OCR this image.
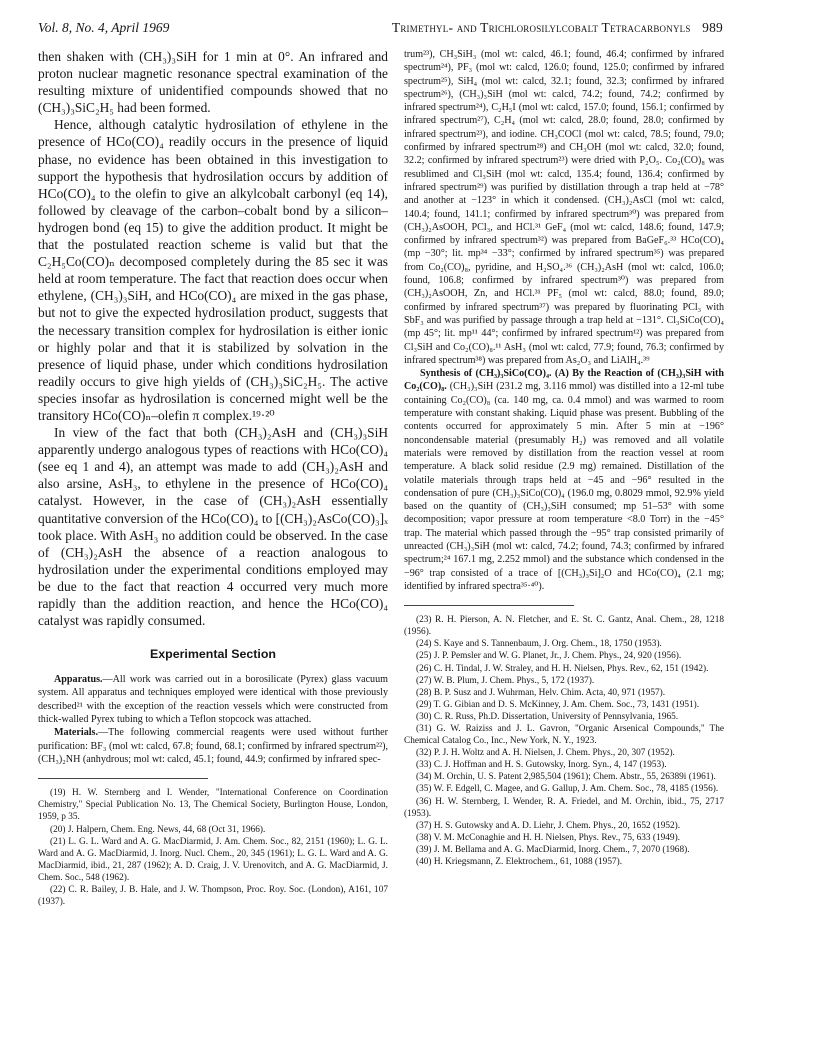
Vol. 8, No. 4, April 1969	Trimethyl- and Trichlorosilylcobalt Tetracarbonyls 989

then shaken with (CH₃)₃SiH for 1 min at 0°. An infrared and proton nuclear magnetic resonance spectral examination of the resulting mixture of unidentified compounds showed that no (CH₃)₃SiC₂H₅ had been formed.

Hence, although catalytic hydrosilation of ethylene in the presence of HCo(CO)₄ readily occurs in the presence of liquid phase, no evidence has been obtained in this investigation to support the hypothesis that hydrosilation occurs by addition of HCo(CO)₄ to the olefin to give an alkylcobalt carbonyl (eq 14), followed by cleavage of the carbon–cobalt bond by a silicon–hydrogen bond (eq 15) to give the addition product. It might be that the postulated reaction scheme is valid but that the C₂H₅Co(CO)ₙ decomposed completely during the 85 sec it was held at room temperature. The fact that reaction does occur when ethylene, (CH₃)₃SiH, and HCo(CO)₄ are mixed in the gas phase, but not to give the expected hydrosilation product, suggests that the necessary transition complex for hydrosilation is either ionic or highly polar and that it is stabilized by solvation in the presence of liquid phase, under which conditions hydrosilation readily occurs to give high yields of (CH₃)₃SiC₂H₅. The active species insofar as hydrosilation is concerned might well be the transitory HCo(CO)ₙ–olefin π complex.¹⁹·²⁰

In view of the fact that both (CH₃)₂AsH and (CH₃)₃SiH apparently undergo analogous types of reactions with HCo(CO)₄ (see eq 1 and 4), an attempt was made to add (CH₃)₂AsH and also arsine, AsH₃, to ethylene in the presence of HCo(CO)₄ catalyst. However, in the case of (CH₃)₂AsH essentially quantitative conversion of the HCo(CO)₄ to [(CH₃)₂AsCo(CO)₃]ₓ took place. With AsH₃ no addition could be observed. In the case of (CH₃)₂AsH the absence of a reaction analogous to hydrosilation under the experimental conditions employed may be due to the fact that reaction 4 occurred very much more rapidly than the addition reaction, and hence the HCo(CO)₄ catalyst was rapidly consumed.

Experimental Section

Apparatus.—All work was carried out in a borosilicate (Pyrex) glass vacuum system. All apparatus and techniques employed were identical with those previously described²¹ with the exception of the reaction vessels which were constructed from thick-walled Pyrex tubing to which a Teflon stopcock was attached.

Materials.—The following commercial reagents were used without further purification: BF₃ (mol wt: calcd, 67.8; found, 68.1; confirmed by infrared spectrum²²), (CH₃)₂NH (anhydrous; mol wt: calcd, 45.1; found, 44.9; confirmed by infrared spec-

(19) H. W. Sternberg and I. Wender, "International Conference on Coordination Chemistry," Special Publication No. 13, The Chemical Society, Burlington House, London, 1959, p 35.

(20) J. Halpern, Chem. Eng. News, 44, 68 (Oct 31, 1966).

(21) L. G. L. Ward and A. G. MacDiarmid, J. Am. Chem. Soc., 82, 2151 (1960); L. G. L. Ward and A. G. MacDiarmid, J. Inorg. Nucl. Chem., 20, 345 (1961); L. G. L. Ward and A. G. MacDiarmid, ibid., 21, 287 (1962); A. D. Craig, J. V. Urenovitch, and A. G. MacDiarmid, J. Chem. Soc., 548 (1962).

(22) C. R. Bailey, J. B. Hale, and J. W. Thompson, Proc. Roy. Soc. (London), A161, 107 (1937).

trum²³), CH₃SiH₃ (mol wt: calcd, 46.1; found, 46.4; confirmed by infrared spectrum²⁴), PF₃ (mol wt: calcd, 126.0; found, 125.0; confirmed by infrared spectrum²⁵), SiH₄ (mol wt: calcd, 32.1; found, 32.3; confirmed by infrared spectrum²⁶), (CH₃)₃SiH (mol wt: calcd, 74.2; found, 74.2; confirmed by infrared spectrum²⁴), C₂H₅I (mol wt: calcd, 157.0; found, 156.1; confirmed by infrared spectrum²⁷), C₂H₄ (mol wt: calcd, 28.0; found, 28.0; confirmed by infrared spectrum²³), and iodine. CH₃COCl (mol wt: calcd, 78.5; found, 79.0; confirmed by infrared spectrum²⁸) and CH₃OH (mol wt: calcd, 32.0; found, 32.2; confirmed by infrared spectrum²³) were dried with P₂O₅. Co₂(CO)₈ was resublimed and Cl₃SiH (mol wt: calcd, 135.4; found, 136.4; confirmed by infrared spectrum²⁹) was purified by distillation through a trap held at −78° and another at −123° in which it condensed. (CH₃)₂AsCl (mol wt: calcd, 140.4; found, 141.1; confirmed by infrared spectrum³⁰) was prepared from (CH₃)₂AsOOH, PCl₃, and HCl.³¹ GeF₄ (mol wt: calcd, 148.6; found, 147.9; confirmed by infrared spectrum³²) was prepared from BaGeF₆.³³ HCo(CO)₄ (mp −30°; lit. mp³⁴ −33°; confirmed by infrared spectrum³⁵) was prepared from Co₂(CO)₈, pyridine, and H₂SO₄.³⁶ (CH₃)₂AsH (mol wt: calcd, 106.0; found, 106.8; confirmed by infrared spectrum³⁰) was prepared from (CH₃)₂AsOOH, Zn, and HCl.³¹ PF₅ (mol wt: calcd, 88.0; found, 89.0; confirmed by infrared spectrum³⁷) was prepared by fluorinating PCl₃ with SbF₃ and was purified by passage through a trap held at −131°. Cl₃SiCo(CO)₄ (mp 45°; lit. mp¹¹ 44°; confirmed by infrared spectrum¹²) was prepared from Cl₃SiH and Co₂(CO)₈.¹¹ AsH₃ (mol wt: calcd, 77.9; found, 76.3; confirmed by infrared spectrum³⁸) was prepared from As₂O₃ and LiAlH₄.³⁹

Synthesis of (CH₃)₃SiCo(CO)₄. (A) By the Reaction of (CH₃)₃SiH with Co₂(CO)₈. (CH₃)₃SiH (231.2 mg, 3.116 mmol) was distilled into a 12-ml tube containing Co₂(CO)₈ (ca. 140 mg, ca. 0.4 mmol) and was warmed to room temperature with constant shaking. Liquid phase was present. Bubbling of the contents occurred for approximately 5 min. After 5 min at −196° noncondensable material (presumably H₂) was removed and all volatile materials were removed by distillation from the reaction vessel at room temperature. A black solid residue (2.9 mg) remained. Distillation of the volatile materials through traps held at −45 and −96° resulted in the condensation of pure (CH₃)₃SiCo(CO)₄ (196.0 mg, 0.8029 mmol, 92.9% yield based on the quantity of (CH₃)₃SiH consumed; mp 51–53° with some decomposition; vapor pressure at room temperature <8.0 Torr) in the −45° trap. The material which passed through the −95° trap consisted primarily of unreacted (CH₃)₃SiH (mol wt: calcd, 74.2; found, 74.3; confirmed by infrared spectrum;²⁴ 167.1 mg, 2.252 mmol) and the substance which condensed in the −96° trap consisted of a trace of [(CH₃)₃Si]₂O and HCo(CO)₄ (2.1 mg; identified by infrared spectra³⁵·⁴⁰).

(23) R. H. Pierson, A. N. Fletcher, and E. St. C. Gantz, Anal. Chem., 28, 1218 (1956).

(24) S. Kaye and S. Tannenbaum, J. Org. Chem., 18, 1750 (1953).

(25) J. P. Pemsler and W. G. Planet, Jr., J. Chem. Phys., 24, 920 (1956).

(26) C. H. Tindal, J. W. Straley, and H. H. Nielsen, Phys. Rev., 62, 151 (1942).

(27) W. B. Plum, J. Chem. Phys., 5, 172 (1937).

(28) B. P. Susz and J. Wuhrman, Helv. Chim. Acta, 40, 971 (1957).

(29) T. G. Gibian and D. S. McKinney, J. Am. Chem. Soc., 73, 1431 (1951).

(30) C. R. Russ, Ph.D. Dissertation, University of Pennsylvania, 1965.

(31) G. W. Raiziss and J. L. Gavron, "Organic Arsenical Compounds," The Chemical Catalog Co., Inc., New York, N. Y., 1923.

(32) P. J. H. Woltz and A. H. Nielsen, J. Chem. Phys., 20, 307 (1952).

(33) C. J. Hoffman and H. S. Gutowsky, Inorg. Syn., 4, 147 (1953).

(34) M. Orchin, U. S. Patent 2,985,504 (1961); Chem. Abstr., 55, 26389i (1961).

(35) W. F. Edgell, C. Magee, and G. Gallup, J. Am. Chem. Soc., 78, 4185 (1956).

(36) H. W. Sternberg, I. Wender, R. A. Friedel, and M. Orchin, ibid., 75, 2717 (1953).

(37) H. S. Gutowsky and A. D. Liehr, J. Chem. Phys., 20, 1652 (1952).

(38) V. M. McConaghie and H. H. Nielsen, Phys. Rev., 75, 633 (1949).

(39) J. M. Bellama and A. G. MacDiarmid, Inorg. Chem., 7, 2070 (1968).

(40) H. Kriegsmann, Z. Elektrochem., 61, 1088 (1957).
